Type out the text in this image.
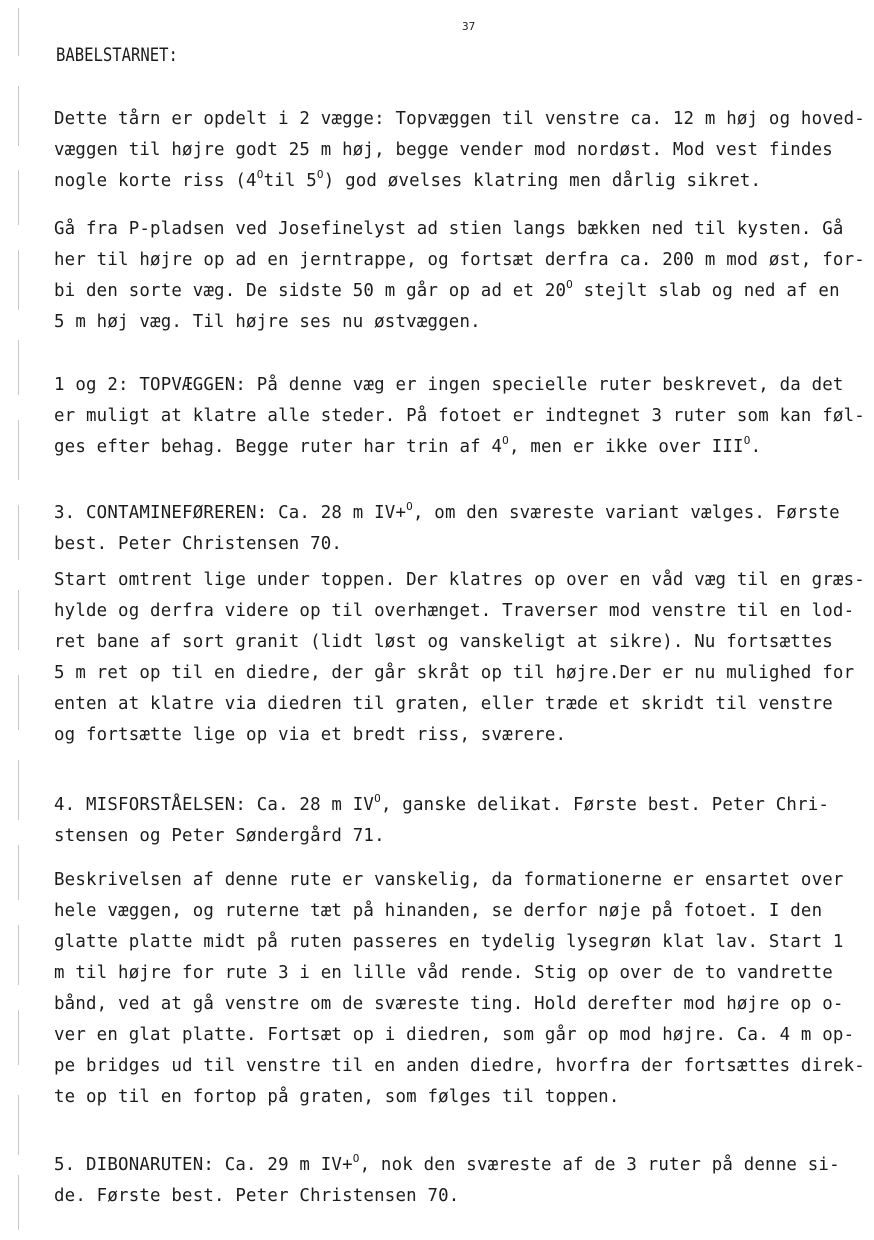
37
BABELSTARNET:
Dette tårn er opdelt i 2 vægge: Topvæggen til venstre ca. 12 m høj og hoved-
væggen til højre godt 25 m høj, begge vender mod nordøst. Mod vest findes
nogle korte riss ($4^Otil$ $5^O$) god øvelses klatring men dårlig sikret.
Gå fra P-pladsen ved Josefinelyst ad stien langs bækken ned til kysten. Gå
her til højre op ad en jerntrappe, og fortsæt derfra ca. 200 m mod øst, for-
bi den sorte væg. De sidste 50 m går op ad et $20^O$ stejlt slab og ned af en
5 m høj væg. Til højre ses nu østvæggen.
1 og 2: TOPVÆGGEN: På denne væg er ingen specielle ruter beskrevet, da det
er muligt at klatre alle steder. På fotoet er indtegnet 3 ruter som kan føl-
ges efter behag. Begge ruter har trin af $4^O$, men er ikke over $III^O$.
3. CONTAMINEFØREREN: Ca. 28 m IV+$^O$, om den sværeste variant vælges. Første
best. Peter Christensen 70.
Start omtrent lige under toppen. Der klatres op over en våd væg til en græs-
hylde og derfra videre op til overhænget. Traverser mod venstre til en lod-
ret bane af sort granit (lidt løst og vanskeligt at sikre). Nu fortsættes
5 m ret op til en diedre, der går skråt op til højre.Der er nu mulighed for
enten at klatre via diedren til graten, eller træde et skridt til venstre
og fortsætte lige op via et bredt riss, sværere.
4. MISFORSTÅELSEN: Ca. 28 m $IV^O$, ganske delikat. Første best. Peter Chri-
stensen og Peter Søndergård 71.
Beskrivelsen af denne rute er vanskelig, da formationerne er ensartet over
hele væggen, og ruterne tæt på hinanden, se derfor nøje på fotoet. I den
glatte platte midt på ruten passeres en tydelig lysegrøn klat lav. Start 1
m til højre for rute 3 i en lille våd rende. Stig op over de to vandrette
bånd, ved at gå venstre om de sværeste ting. Hold derefter mod højre op o-
ver en glat platte. Fortsæt op i diedren, som går op mod højre. Ca. 4 m op-
pe bridges ud til venstre til en anden diedre, hvorfra der fortsættes direk-
te op til en fortop på graten, som følges til toppen.
5. DIBONARUTEN: Ca. 29 m IV+$^O$, nok den sværeste af de 3 ruter på denne si-
de. Første best. Peter Christensen 70.
